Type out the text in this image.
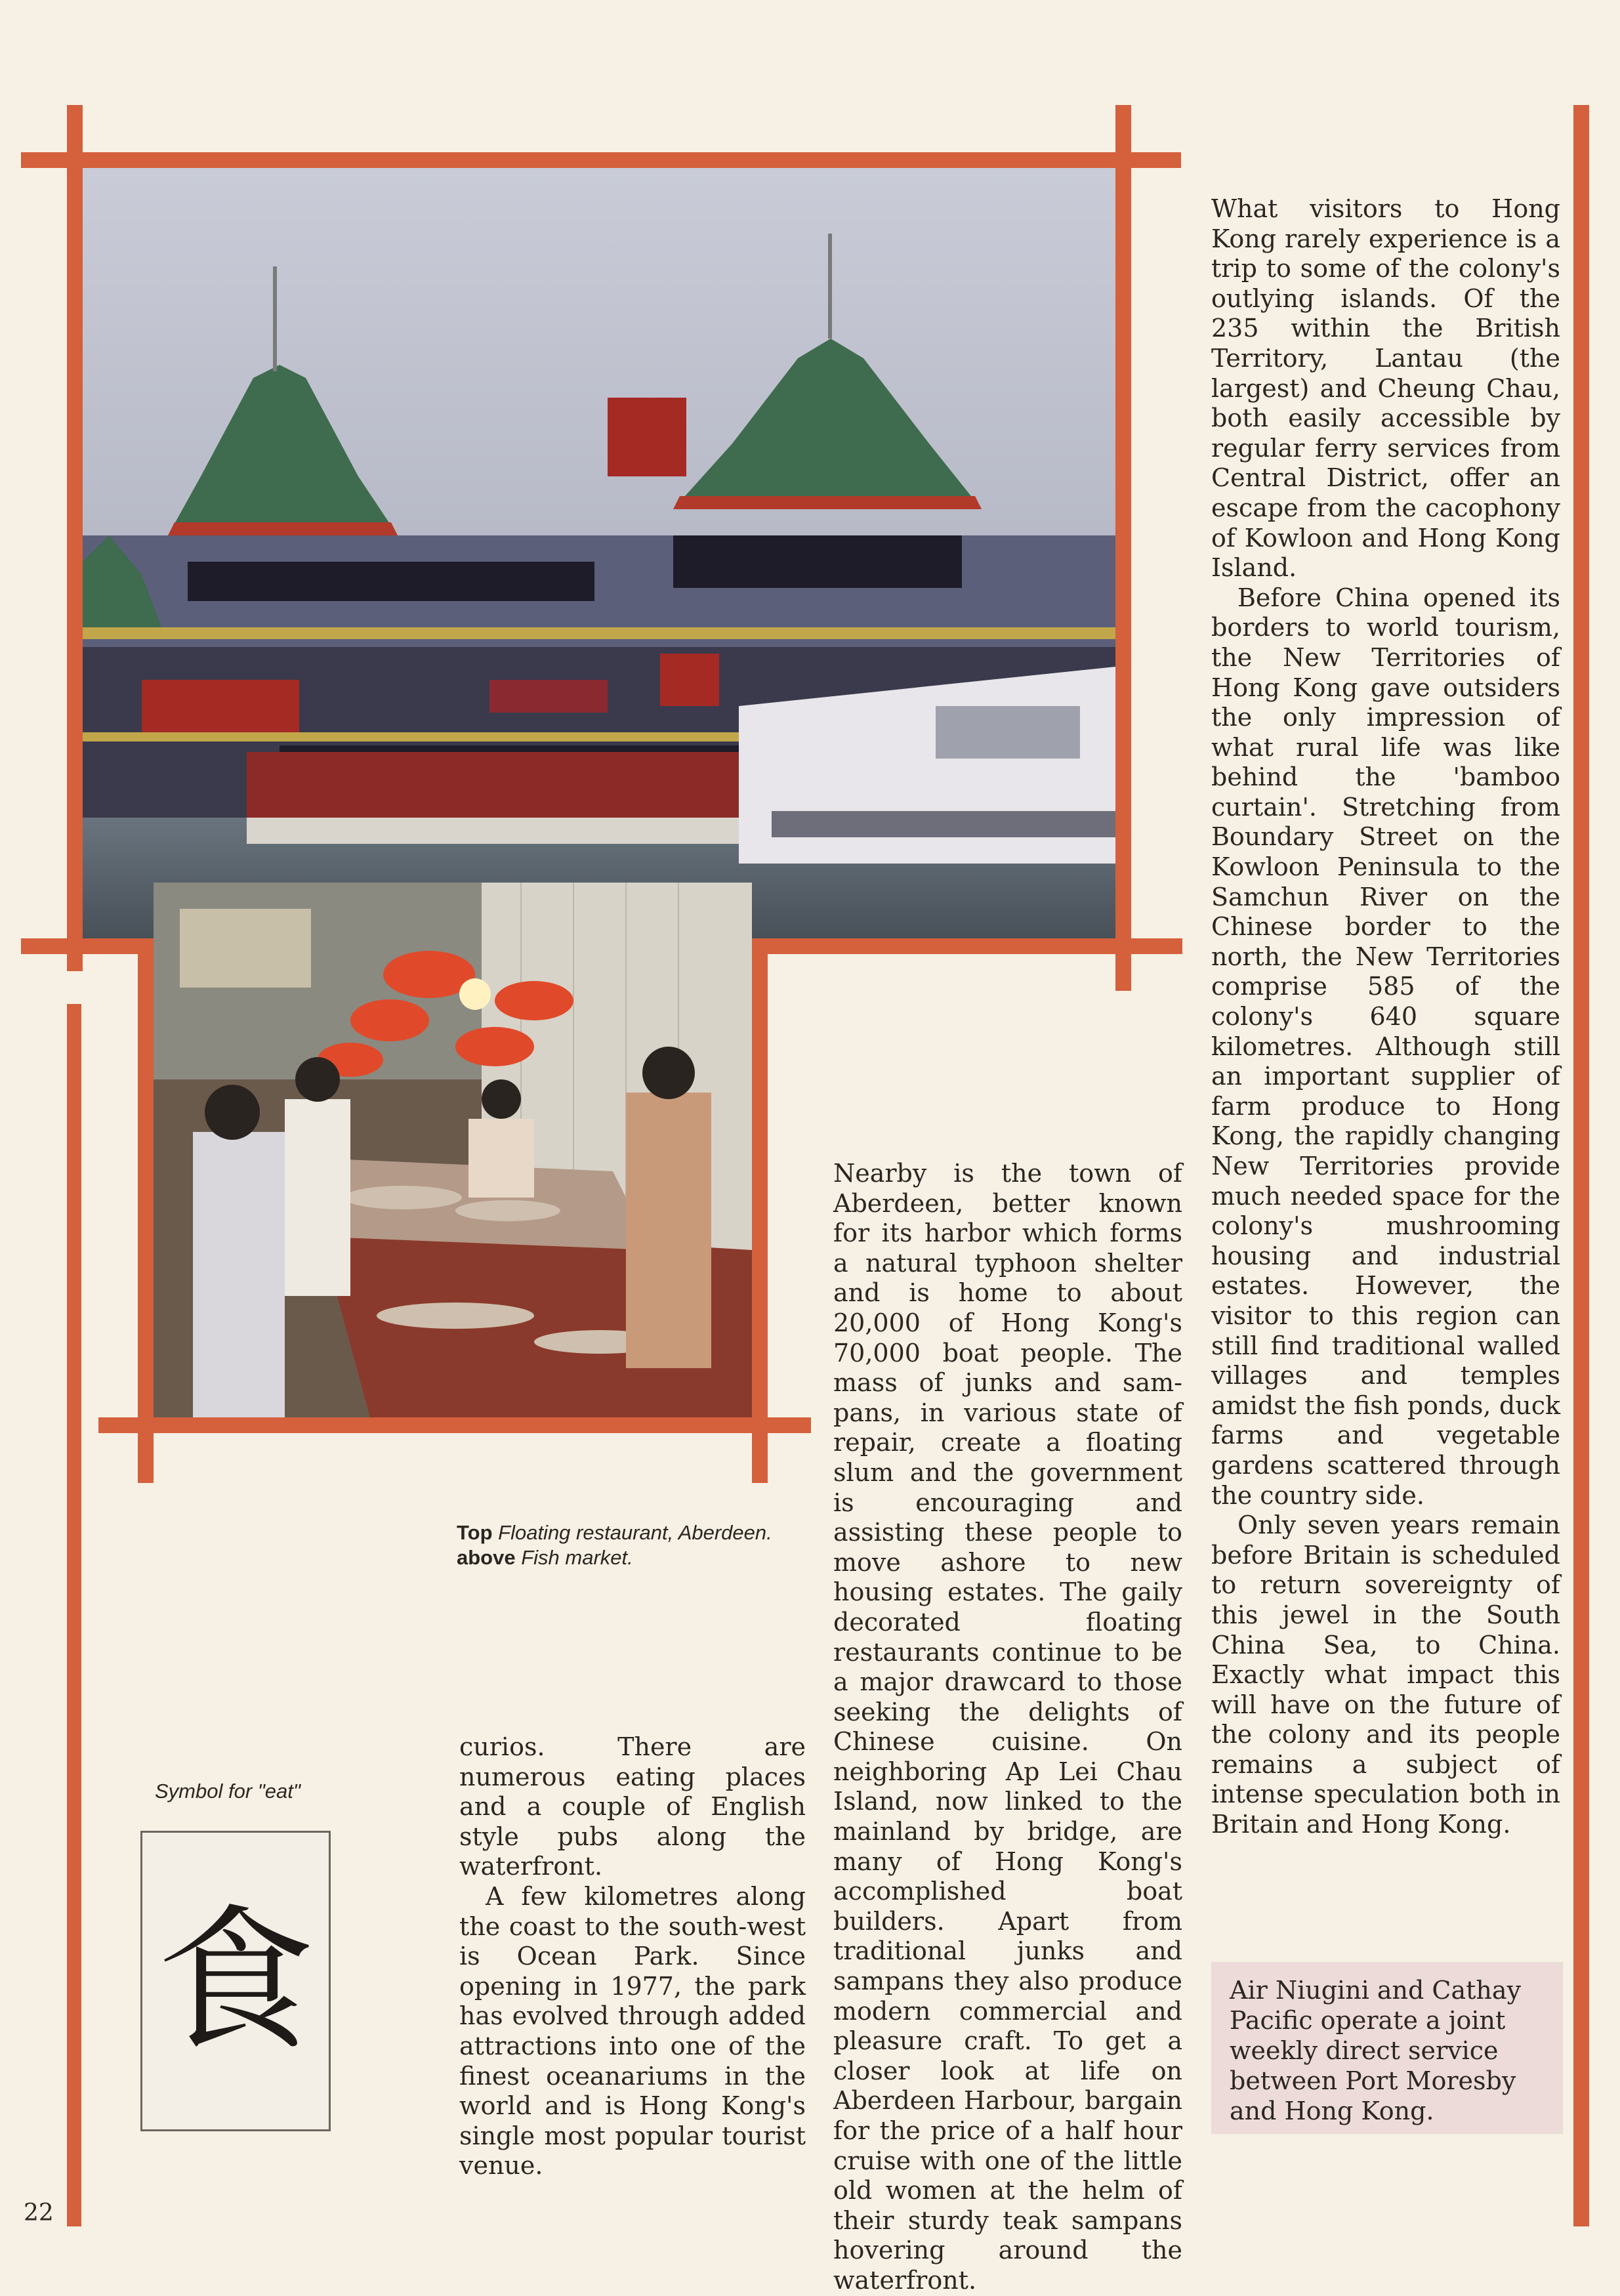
Top Floating restaurant, Aberdeen.
above Fish market.
Symbol for "eat"
食

curios. There are numerous eating places and a couple of English style pubs along the waterfront.

A few kilometres along the coast to the south-west is Ocean Park. Since opening in 1977, the park has evolved through added attractions into one of the finest oceanariums in the world and is Hong Kong's single most popular tourist venue.

Nearby is the town of Aberdeen, better known for its harbor which forms a natural typhoon shelter and is home to about 20,000 of Hong Kong's 70,000 boat people. The mass of junks and sampans, in various state of repair, create a floating slum and the government is encouraging and assisting these people to move ashore to new housing estates. The gaily decorated floating restaurants continue to be a major drawcard to those seeking the delights of Chinese cuisine. On neighboring Ap Lei Chau Island, now linked to the mainland by bridge, are many of Hong Kong's accomplished boat builders. Apart from traditional junks and sampans they also produce modern commercial and pleasure craft. To get a closer look at life on Aberdeen Harbour, bargain for the price of a half hour cruise with one of the little old women at the helm of their sturdy teak sampans hovering around the waterfront.

What visitors to Hong Kong rarely experience is a trip to some of the colony's outlying islands. Of the 235 within the British Territory, Lantau (the largest) and Cheung Chau, both easily accessible by regular ferry services from Central District, offer an escape from the cacophony of Kowloon and Hong Kong Island.

Before China opened its borders to world tourism, the New Territories of Hong Kong gave outsiders the only impression of what rural life was like behind the 'bamboo curtain'. Stretching from Boundary Street on the Kowloon Peninsula to the Samchun River on the Chinese border to the north, the New Territories comprise 585 of the colony's 640 square kilometres. Although still an important supplier of farm produce to Hong Kong, the rapidly changing New Territories provide much needed space for the colony's mushrooming housing and industrial estates. However, the visitor to this region can still find traditional walled villages and temples amidst the fish ponds, duck farms and vegetable gardens scattered through the country side.

Only seven years remain before Britain is scheduled to return sovereignty of this jewel in the South China Sea, to China. Exactly what impact this will have on the future of the colony and its people remains a subject of intense speculation both in Britain and Hong Kong.

Air Niugini and Cathay Pacific operate a joint weekly direct service between Port Moresby and Hong Kong.
22
